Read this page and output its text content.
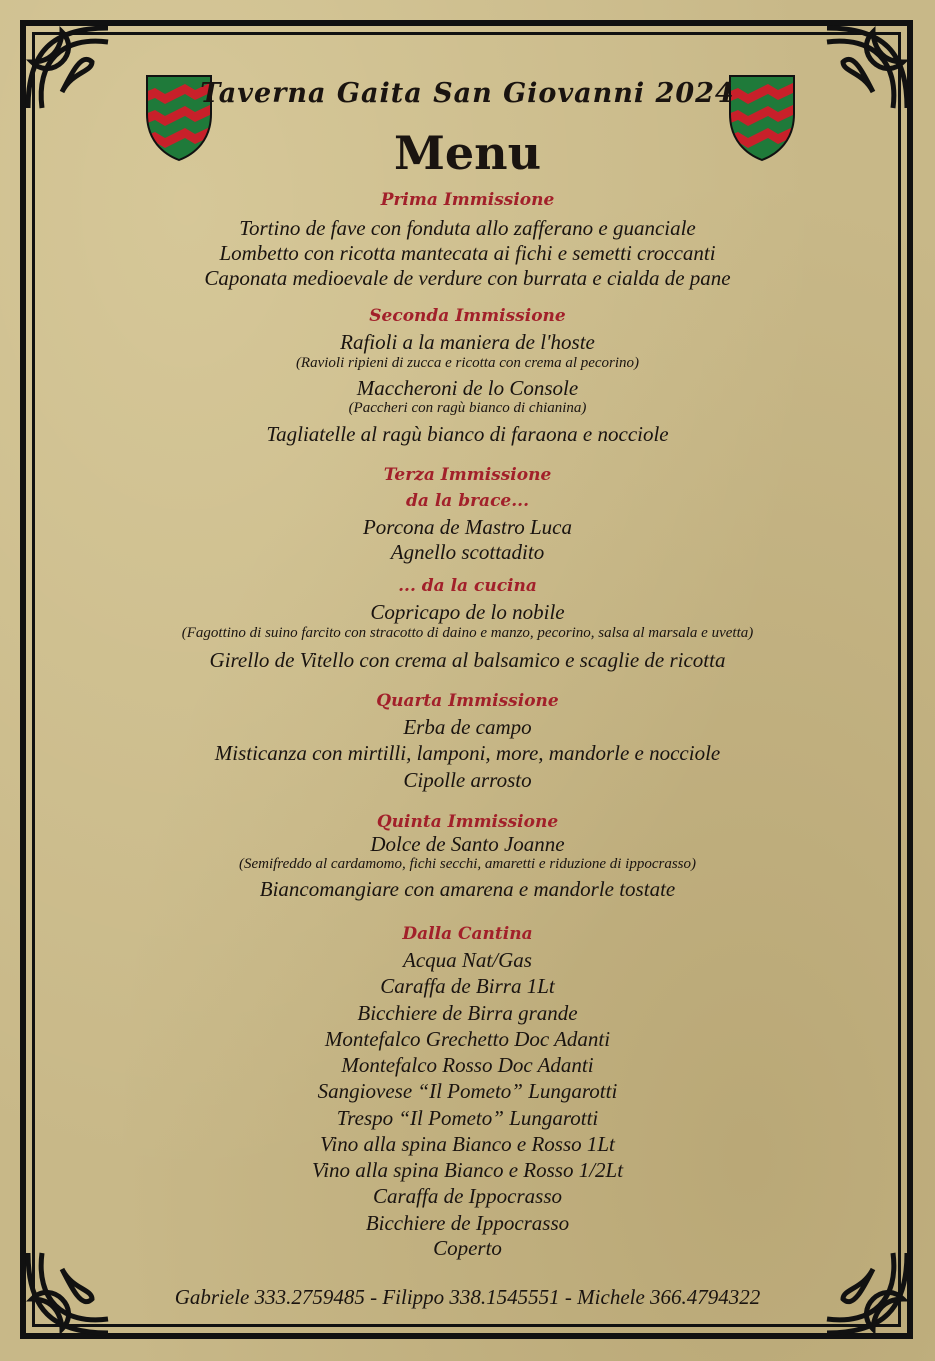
Taverna Gaita San Giovanni 2024
Menu
Prima Immissione
Tortino de fave con fonduta allo zafferano e guanciale
Lombetto con ricotta mantecata ai fichi e semetti croccanti
Caponata medioevale de verdure con burrata e cialda de pane
Seconda Immissione
Rafioli a la maniera de l'hoste
(Ravioli ripieni di zucca e ricotta con crema al pecorino)
Maccheroni de lo Console
(Paccheri con ragù bianco di chianina)
Tagliatelle al ragù bianco di faraona e nocciole
Terza Immissione
da la brace...
Porcona de Mastro Luca
Agnello scottadito
... da la cucina
Copricapo de lo nobile
(Fagottino di suino farcito con stracotto di daino e manzo, pecorino, salsa al marsala e uvetta)
Girello de Vitello con crema al balsamico e scaglie de ricotta
Quarta Immissione
Erba de campo
Misticanza con mirtilli, lamponi, more, mandorle e nocciole
Cipolle arrosto
Quinta Immissione
Dolce de Santo Joanne
(Semifreddo al cardamomo, fichi secchi, amaretti e riduzione di ippocrasso)
Biancomangiare con amarena e mandorle tostate
Dalla Cantina
Acqua Nat/Gas
Caraffa de Birra 1Lt
Bicchiere de Birra grande
Montefalco Grechetto Doc Adanti
Montefalco Rosso Doc Adanti
Sangiovese “Il Pometo” Lungarotti
Trespo “Il Pometo” Lungarotti
Vino alla spina Bianco e Rosso 1Lt
Vino alla spina Bianco e Rosso 1/2Lt
Caraffa de Ippocrasso
Bicchiere de Ippocrasso
Coperto
Gabriele 333.2759485 - Filippo 338.1545551 - Michele 366.4794322
